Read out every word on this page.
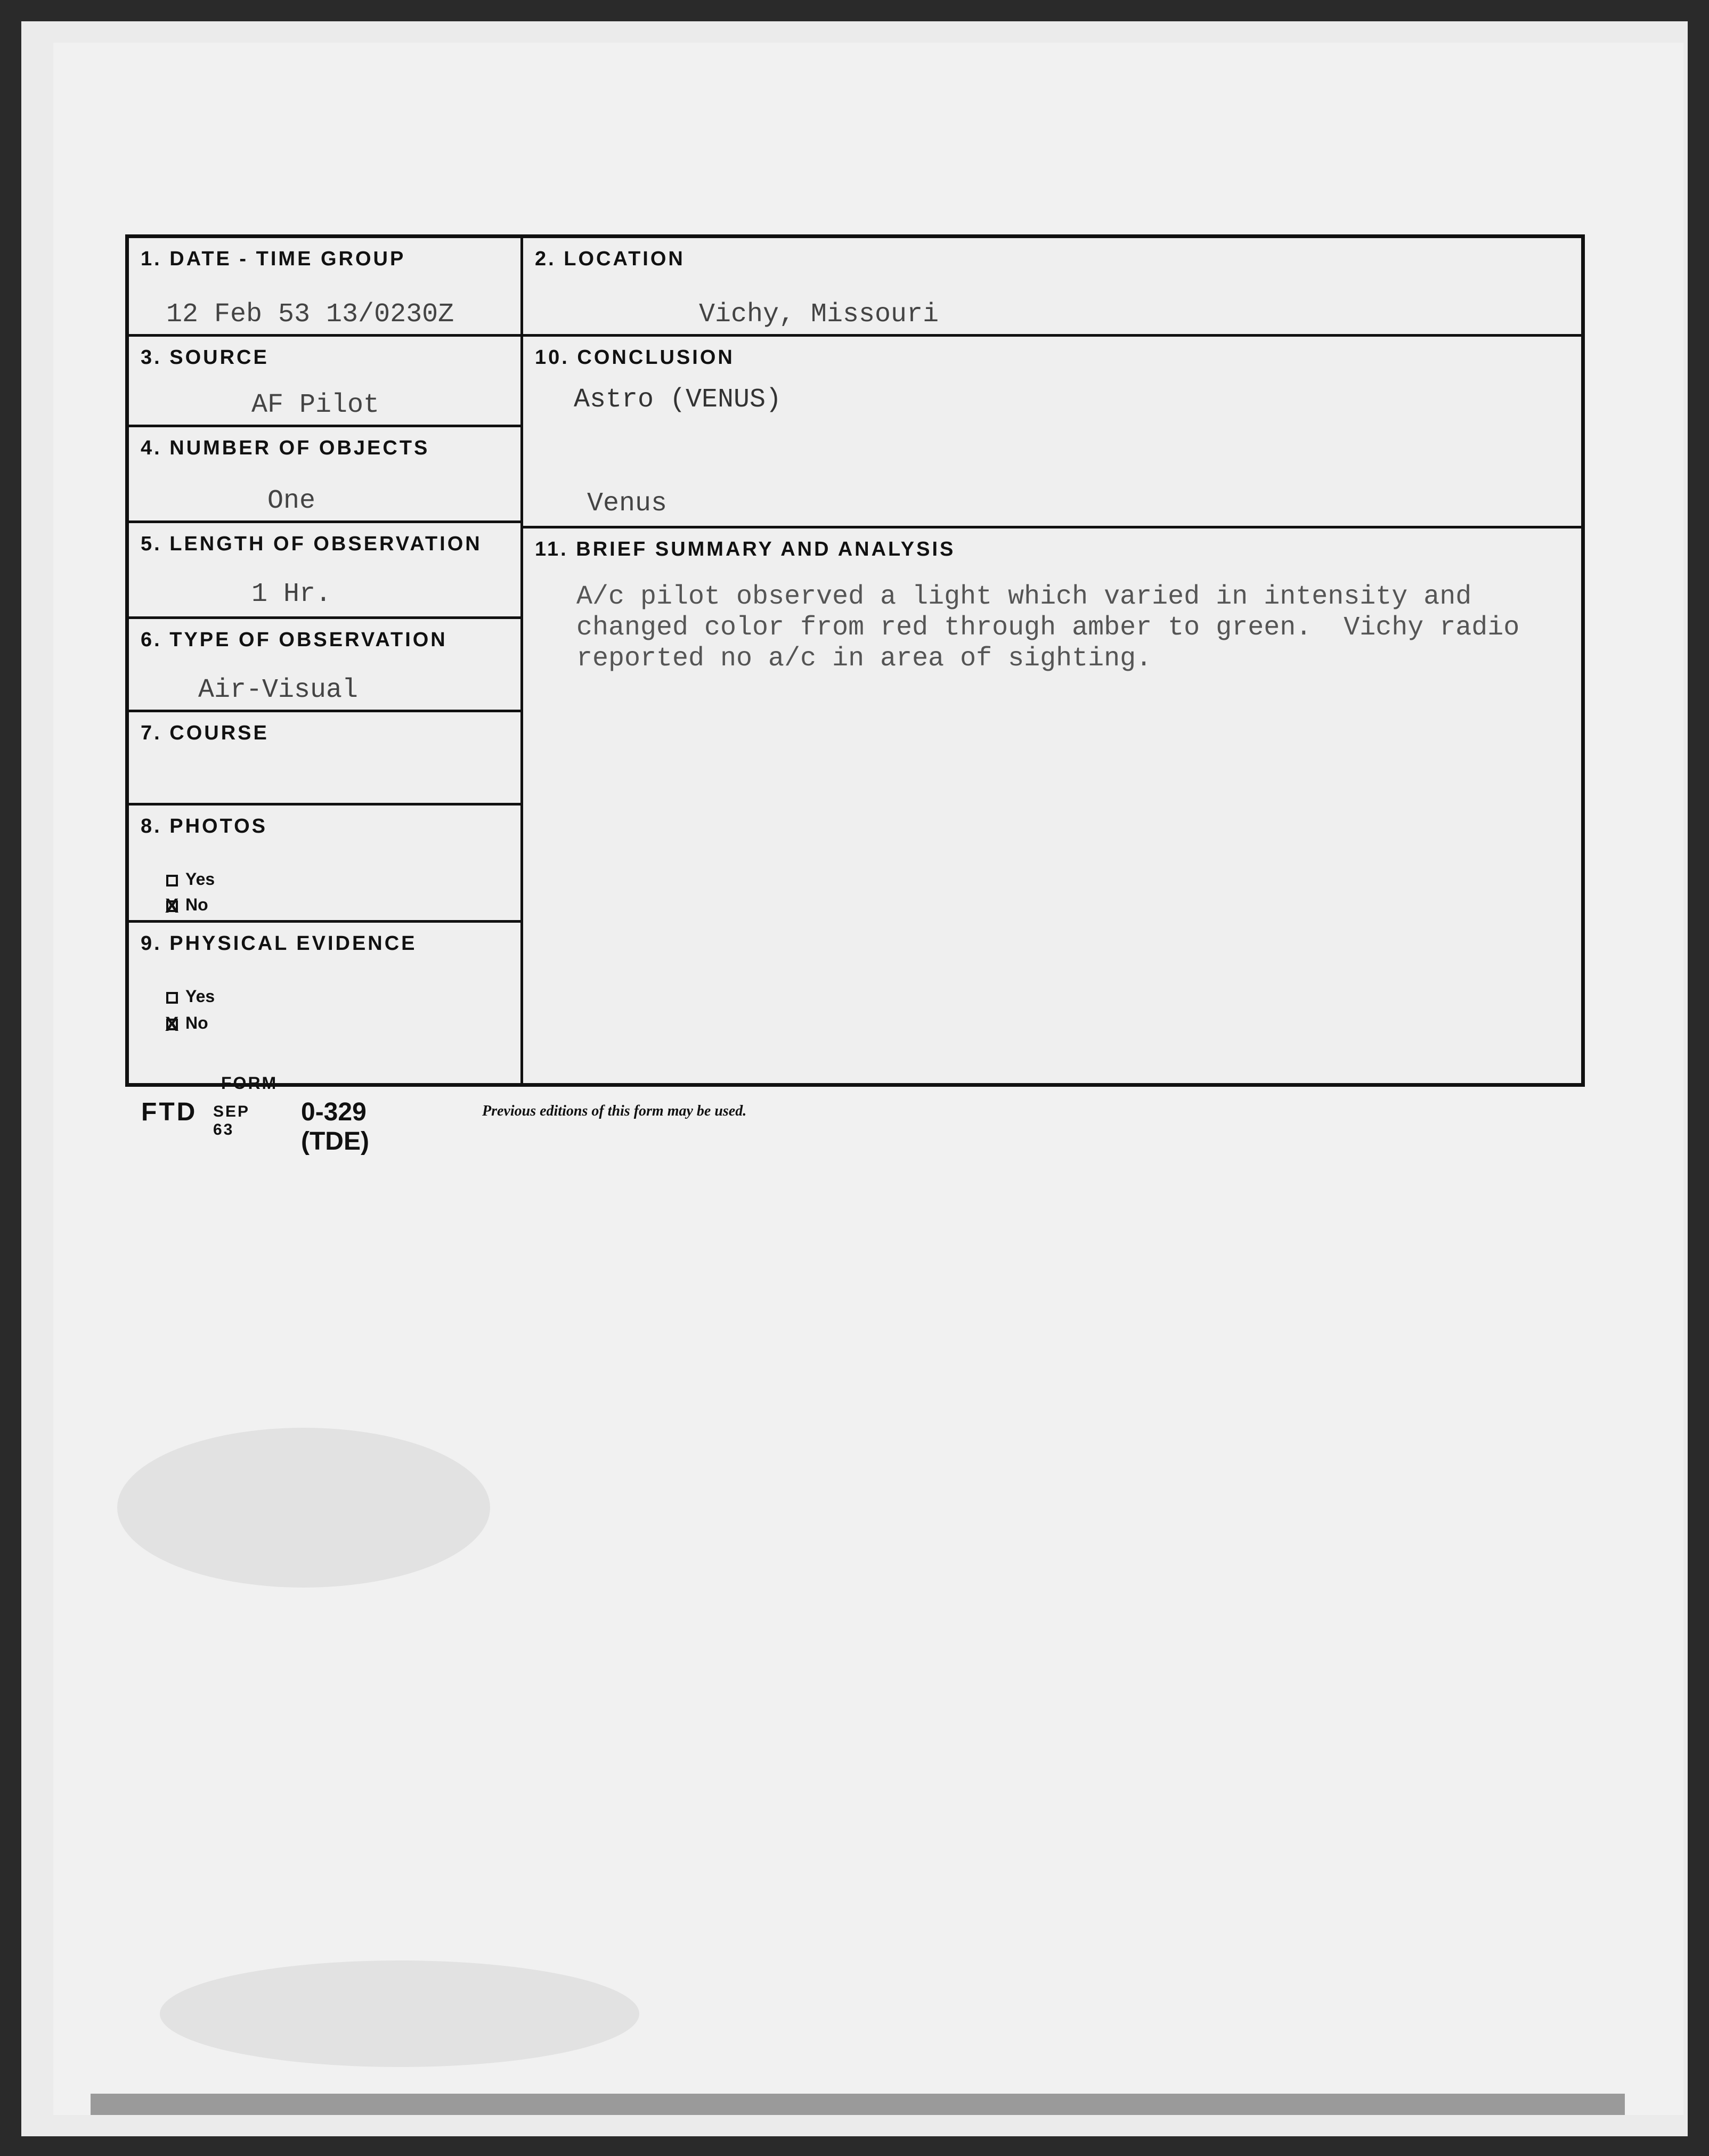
1. DATE - TIME GROUP
12 Feb 53 13/0230Z
3. SOURCE
AF Pilot
4. NUMBER OF OBJECTS
One
5. LENGTH OF OBSERVATION
1 Hr.
6. TYPE OF OBSERVATION
Air-Visual
7. COURSE
8. PHOTOS
Yes
XNo
9. PHYSICAL EVIDENCE
Yes
XNo
2. LOCATION
Vichy, Missouri
10. CONCLUSION
Astro (VENUS)
Venus
11. BRIEF SUMMARY AND ANALYSIS
A/c pilot observed a light which varied in intensity and
changed color from red through amber to green.  Vichy radio
reported no a/c in area of sighting.
FORM
FTD SEP 63
0-329 (TDE)
Previous editions of this form may be used.
